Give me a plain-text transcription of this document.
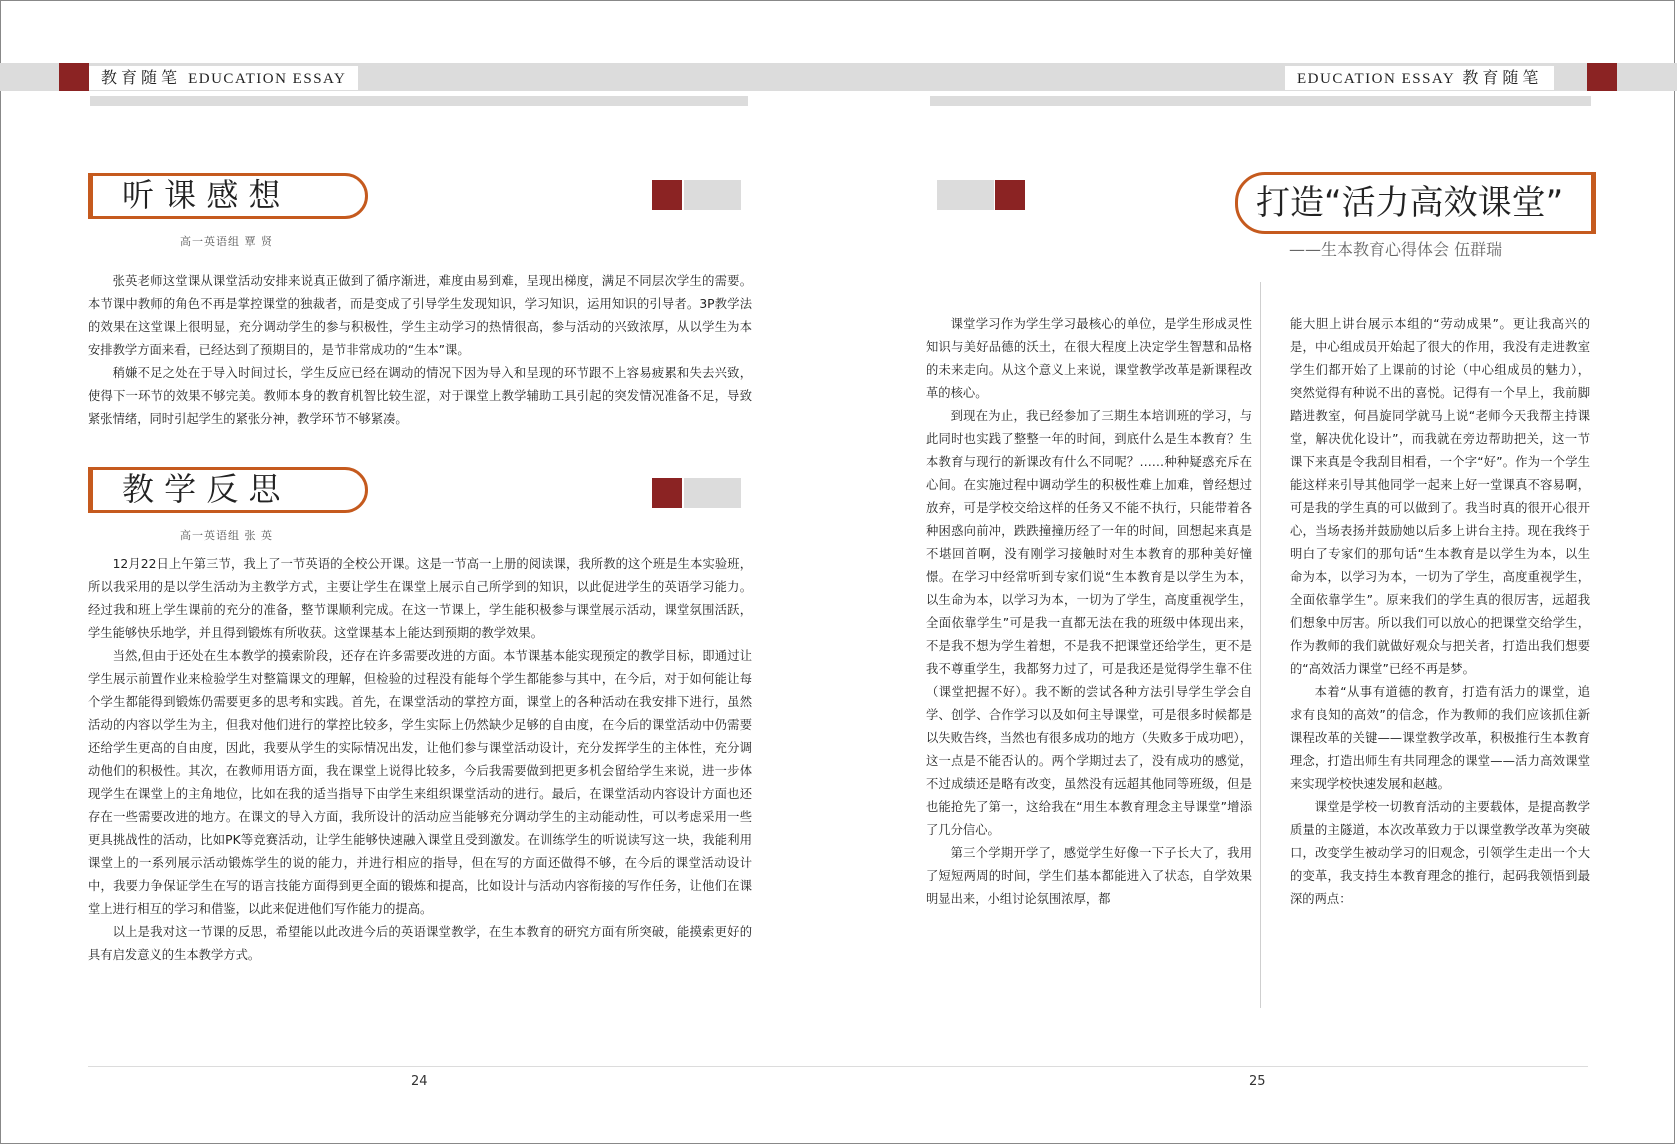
教育随笔 EDUCATION ESSAY
听 课 感 想
高一英语组 覃 贤

张英老师这堂课从课堂活动安排来说真正做到了循序渐进，难度由易到难，呈现出梯度，满足不同层次学生的需要。本节课中教师的角色不再是掌控课堂的独裁者，而是变成了引导学生发现知识，学习知识，运用知识的引导者。3P教学法的效果在这堂课上很明显，充分调动学生的参与积极性，学生主动学习的热情很高，参与活动的兴致浓厚，从以学生为本安排教学方面来看，已经达到了预期目的，是节非常成功的“生本”课。

稍嫌不足之处在于导入时间过长，学生反应已经在调动的情况下因为导入和呈现的环节跟不上容易疲累和失去兴致，使得下一环节的效果不够完美。教师本身的教育机智比较生涩，对于课堂上教学辅助工具引起的突发情况准备不足，导致紧张情绪，同时引起学生的紧张分神，教学环节不够紧凑。

教 学 反 思
高一英语组 张 英

12月22日上午第三节，我上了一节英语的全校公开课。这是一节高一上册的阅读课，我所教的这个班是生本实验班，所以我采用的是以学生活动为主教学方式，主要让学生在课堂上展示自己所学到的知识，以此促进学生的英语学习能力。经过我和班上学生课前的充分的准备，整节课顺利完成。在这一节课上，学生能积极参与课堂展示活动，课堂氛围活跃，学生能够快乐地学，并且得到锻炼有所收获。这堂课基本上能达到预期的教学效果。

当然,但由于还处在生本教学的摸索阶段，还存在许多需要改进的方面。本节课基本能实现预定的教学目标，即通过让学生展示前置作业来检验学生对整篇课文的理解，但检验的过程没有能每个学生都能参与其中，在今后，对于如何能让每个学生都能得到锻炼仍需要更多的思考和实践。首先，在课堂活动的掌控方面，课堂上的各种活动在我安排下进行，虽然活动的内容以学生为主，但我对他们进行的掌控比较多，学生实际上仍然缺少足够的自由度，在今后的课堂活动中仍需要还给学生更高的自由度，因此，我要从学生的实际情况出发，让他们参与课堂活动设计，充分发挥学生的主体性，充分调动他们的积极性。其次，在教师用语方面，我在课堂上说得比较多，今后我需要做到把更多机会留给学生来说，进一步体现学生在课堂上的主角地位，比如在我的适当指导下由学生来组织课堂活动的进行。最后，在课堂活动内容设计方面也还存在一些需要改进的地方。在课文的导入方面，我所设计的活动应当能够充分调动学生的主动能动性，可以考虑采用一些更具挑战性的活动，比如PK等竞赛活动，让学生能够快速融入课堂且受到激发。在训练学生的听说读写这一块，我能利用课堂上的一系列展示活动锻炼学生的说的能力，并进行相应的指导，但在写的方面还做得不够，在今后的课堂活动设计中，我要力争保证学生在写的语言技能方面得到更全面的锻炼和提高，比如设计与活动内容衔接的写作任务，让他们在课堂上进行相互的学习和借鉴，以此来促进他们写作能力的提高。

以上是我对这一节课的反思，希望能以此改进今后的英语课堂教学，在生本教育的研究方面有所突破，能摸索更好的具有启发意义的生本教学方式。

24
EDUCATION ESSAY 教育随笔
打造“活力高效课堂”
——生本教育心得体会 伍群瑞

课堂学习作为学生学习最核心的单位，是学生形成灵性知识与美好品德的沃土，在很大程度上决定学生智慧和品格的未来走向。从这个意义上来说，课堂教学改革是新课程改革的核心。

到现在为止，我已经参加了三期生本培训班的学习，与此同时也实践了整整一年的时间，到底什么是生本教育？生本教育与现行的新课改有什么不同呢？……种种疑惑充斥在心间。在实施过程中调动学生的积极性难上加难，曾经想过放弃，可是学校交给这样的任务又不能不执行，只能带着各种困惑向前冲，跌跌撞撞历经了一年的时间，回想起来真是不堪回首啊，没有刚学习接触时对生本教育的那种美好憧憬。在学习中经常听到专家们说“生本教育是以学生为本，以生命为本，以学习为本，一切为了学生，高度重视学生，全面依靠学生”可是我一直都无法在我的班级中体现出来，不是我不想为学生着想，不是我不把课堂还给学生，更不是我不尊重学生，我都努力过了，可是我还是觉得学生靠不住（课堂把握不好）。我不断的尝试各种方法引导学生学会自学、创学、合作学习以及如何主导课堂，可是很多时候都是以失败告终，当然也有很多成功的地方（失败多于成功吧），这一点是不能否认的。两个学期过去了，没有成功的感觉，不过成绩还是略有改变，虽然没有远超其他同等班级，但是也能抢先了第一，这给我在“用生本教育理念主导课堂”增添了几分信心。

第三个学期开学了，感觉学生好像一下子长大了，我用了短短两周的时间，学生们基本都能进入了状态，自学效果明显出来，小组讨论氛围浓厚，都

能大胆上讲台展示本组的“劳动成果”。更让我高兴的是，中心组成员开始起了很大的作用，我没有走进教室学生们都开始了上课前的讨论（中心组成员的魅力），突然觉得有种说不出的喜悦。记得有一个早上，我前脚踏进教室，何昌旋同学就马上说“老师今天我帮主持课堂，解决优化设计”，而我就在旁边帮助把关，这一节课下来真是令我刮目相看，一个字“好”。作为一个学生能这样来引导其他同学一起来上好一堂课真不容易啊，可是我的学生真的可以做到了。我当时真的很开心很开心，当场表扬并鼓励她以后多上讲台主持。现在我终于明白了专家们的那句话“生本教育是以学生为本，以生命为本，以学习为本，一切为了学生，高度重视学生，全面依靠学生”。原来我们的学生真的很厉害，远超我们想象中厉害。所以我们可以放心的把课堂交给学生，作为教师的我们就做好观众与把关者，打造出我们想要的“高效活力课堂”已经不再是梦。

本着“从事有道德的教育，打造有活力的课堂，追求有良知的高效”的信念，作为教师的我们应该抓住新课程改革的关键——课堂教学改革，积极推行生本教育理念，打造出师生有共同理念的课堂——活力高效课堂来实现学校快速发展和赵越。

课堂是学校一切教育活动的主要载体，是提高教学质量的主隧道，本次改革致力于以课堂教学改革为突破口，改变学生被动学习的旧观念，引领学生走出一个大的变革，我支持生本教育理念的推行，起码我领悟到最深的两点：

25
